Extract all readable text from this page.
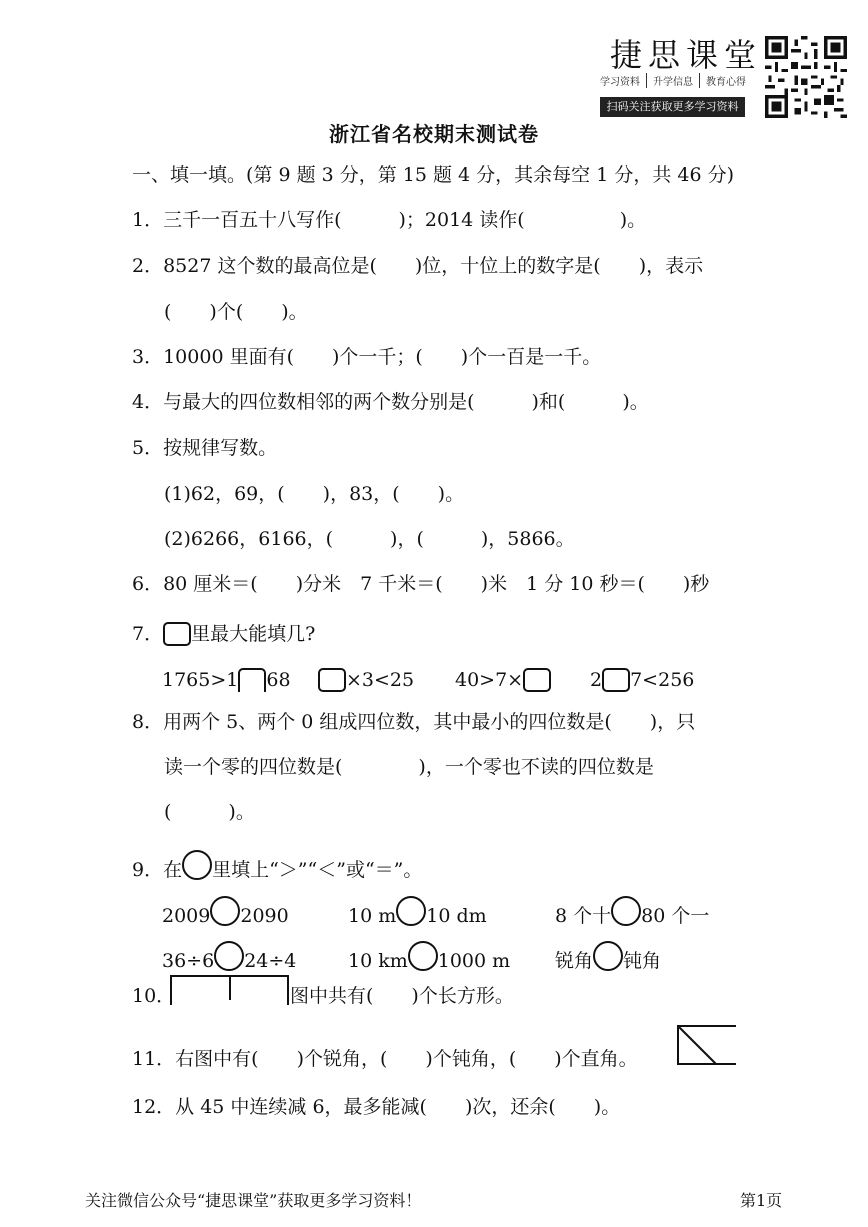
捷思课堂
学习资料 升学信息 教育心得
扫码关注获取更多学习资料
浙江省名校期末测试卷
一、填一填。(第 9 题 3 分，第 15 题 4 分，其余每空 1 分，共 46 分)
1．三千一百五十八写作(　　　)；2014 读作(　　　　　)。
2．8527 这个数的最高位是(　　)位，十位上的数字是(　　)，表示
(　　)个(　　)。
3．10000 里面有(　　)个一千；(　　)个一百是一千。
4．与最大的四位数相邻的两个数分别是(　　　)和(　　　)。
5．按规律写数。
(1)62，69，(　　)，83，(　　)。
(2)6266，6166，(　　　)，(　　　)，5866。
6．80 厘米＝(　　)分米　7 千米＝(　　)米　1 分 10 秒＝(　　)秒
7． 里最大能填几?
1765>1 68	×3<25 40>7×	2 7<256
8．用两个 5、两个 0 组成四位数，其中最小的四位数是(　　)，只
读一个零的四位数是(　　　　)，一个零也不读的四位数是
(　　　)。
9．在 里填上“＞”“＜”或“＝”。
2009 2090	10 m 10 dm	8 个十 80 个一
36÷6 24÷4	10 km 1000 m 锐角 钝角
10．	图中共有(　　)个长方形。
11．右图中有(　　)个锐角，(　　)个钝角，(　　)个直角。
12．从 45 中连续减 6，最多能减(　　)次，还余(　　)。
关注微信公众号“捷思课堂”获取更多学习资料！	第1页
